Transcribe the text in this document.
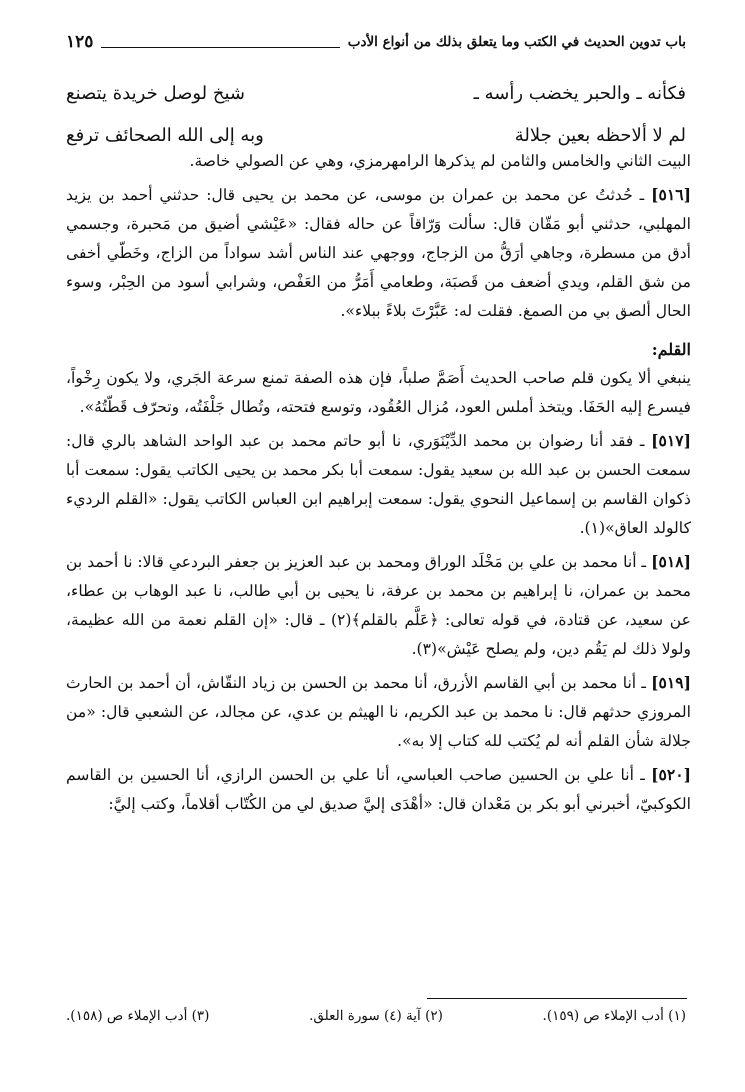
باب تدوين الحديث في الكتب وما يتعلق بذلك من أنواع الأدب
١٢٥
فكأنه ـ والحبر يخضب رأسه ـ
شيخ لوصل خريدة يتصنع
لم لا ألاحظه بعين جلالة
وبه إلى الله الصحائف ترفع

البيت الثاني والخامس والثامن لم يذكرها الرامهرمزي، وهي عن الصولي خاصة.

[٥١٦] ـ حُدثتُ عن محمد بن عمران بن موسى، عن محمد بن يحيى قال: حدثني أحمد بن يزيد المهلبي، حدثني أبو مَقّان قال: سألت وَرّاقاً عن حاله فقال: «عَيْشي أضيق من مَحبرة، وجسمي أدق من مسطرة، وجاهي أرَقُّ من الزجاج، ووجهي عند الناس أشد سواداً من الزاج، وخَطّي أخفى من شق القلم، ويدي أضعف من قَصبَة، وطعامي أَمَرُّ من العَفْص، وشرابي أسود من الحِبْر، وسوء الحال ألصق بي من الصمغ. فقلت له: عَبَّرْتَ بلاءً ببلاء».

القلم:

ينبغي ألا يكون قلم صاحب الحديث أَصَمَّ صلباً، فإن هذه الصفة تمنع سرعة الجَري، ولا يكون رِخْواً، فيسرع إليه الحَفَا. ويتخذ أملس العود، مُزال العُقُود، وتوسع فتحته، وتُطال جَلْفَتُه، وتحرّف قَطّتُهُ».

[٥١٧] ـ فقد أنا رضوان بن محمد الدِّيْنَوَري، نا أبو حاتم محمد بن عبد الواحد الشاهد بالري قال: سمعت الحسن بن عبد الله بن سعيد يقول: سمعت أبا بكر محمد بن يحيى الكاتب يقول: سمعت أبا ذكوان القاسم بن إسماعيل النحوي يقول: سمعت إبراهيم ابن العباس الكاتب يقول: «القلم الرديء كالولد العاق»(١).

[٥١٨] ـ أنا محمد بن علي بن مَخْلَد الوراق ومحمد بن عبد العزيز بن جعفر البردعي قالا: نا أحمد بن محمد بن عمران، نا إبراهيم بن محمد بن عرفة، نا يحيى بن أبي طالب، نا عبد الوهاب بن عطاء، عن سعيد، عن قتادة، في قوله تعالى: ﴿عَلَّم بالقلم﴾(٢) ـ قال: «إن القلم نعمة من الله عظيمة، ولولا ذلك لم يَقُم دين، ولم يصلح عَيْش»(٣).

[٥١٩] ـ أنا محمد بن أبي القاسم الأزرق، أنا محمد بن الحسن بن زياد النقّاش، أن أحمد بن الحارث المروزي حدثهم قال: نا محمد بن عبد الكريم، نا الهيثم بن عدي، عن مجالد، عن الشعبي قال: «من جلالة شأن القلم أنه لم يُكتب لله كتاب إلا به».

[٥٢٠] ـ أنا علي بن الحسين صاحب العباسي، أنا علي بن الحسن الرازي، أنا الحسين بن القاسم الكوكبيّ، أخبرني أبو بكر بن مَعْدان قال: «أهْدَى إليَّ صديق لي من الكُتّاب أقلاماً، وكتب إليَّ:

(١) أدب الإملاء ص (١٥٩).
(٢) آية (٤) سورة العلق.
(٣) أدب الإملاء ص (١٥٨).
